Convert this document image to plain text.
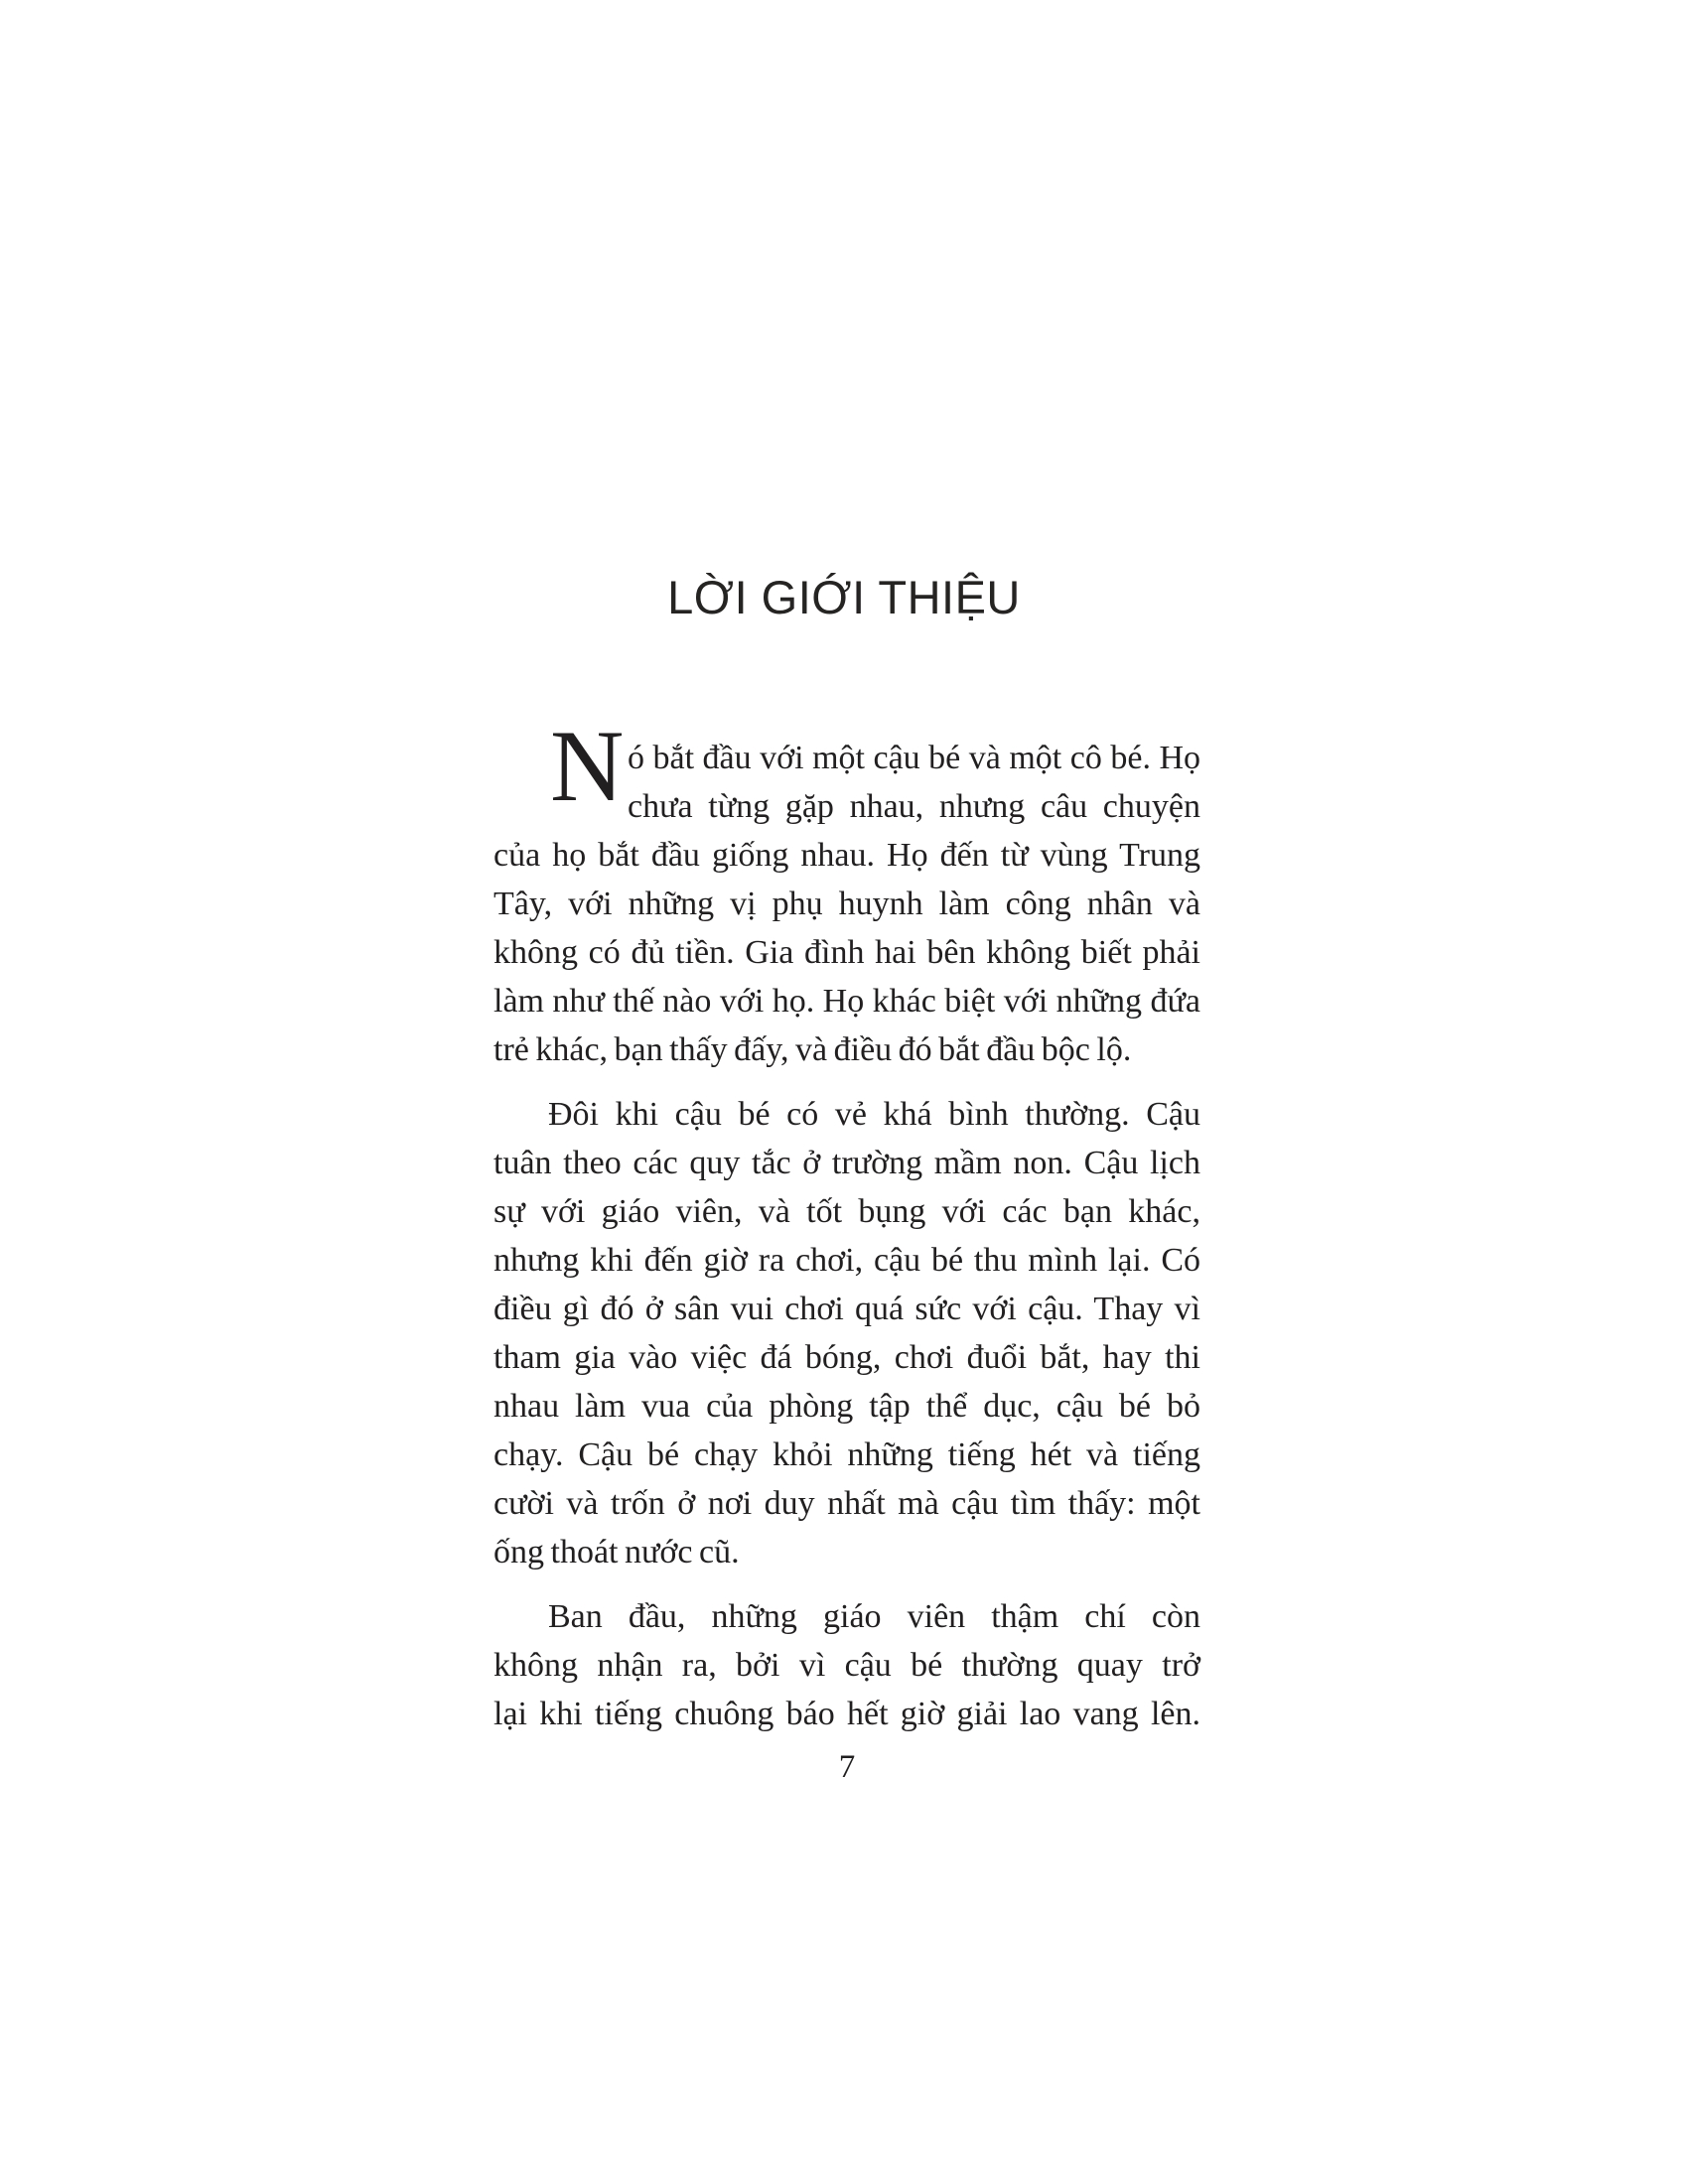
LỜI GIỚI THIỆU
N ó bắt đầu với một cậu bé và một cô bé. Họ
chưa từng gặp nhau, nhưng câu chuyện
của họ bắt đầu giống nhau. Họ đến từ vùng Trung
Tây, với những vị phụ huynh làm công nhân và
không có đủ tiền. Gia đình hai bên không biết phải
làm như thế nào với họ. Họ khác biệt với những đứa
trẻ khác, bạn thấy đấy, và điều đó bắt đầu bộc lộ.
Đôi khi cậu bé có vẻ khá bình thường. Cậu
tuân theo các quy tắc ở trường mầm non. Cậu lịch
sự với giáo viên, và tốt bụng với các bạn khác,
nhưng khi đến giờ ra chơi, cậu bé thu mình lại. Có
điều gì đó ở sân vui chơi quá sức với cậu. Thay vì
tham gia vào việc đá bóng, chơi đuổi bắt, hay thi
nhau làm vua của phòng tập thể dục, cậu bé bỏ
chạy. Cậu bé chạy khỏi những tiếng hét và tiếng
cười và trốn ở nơi duy nhất mà cậu tìm thấy: một
ống thoát nước cũ.
Ban đầu, những giáo viên thậm chí còn
không nhận ra, bởi vì cậu bé thường quay trở
lại khi tiếng chuông báo hết giờ giải lao vang lên.
7
